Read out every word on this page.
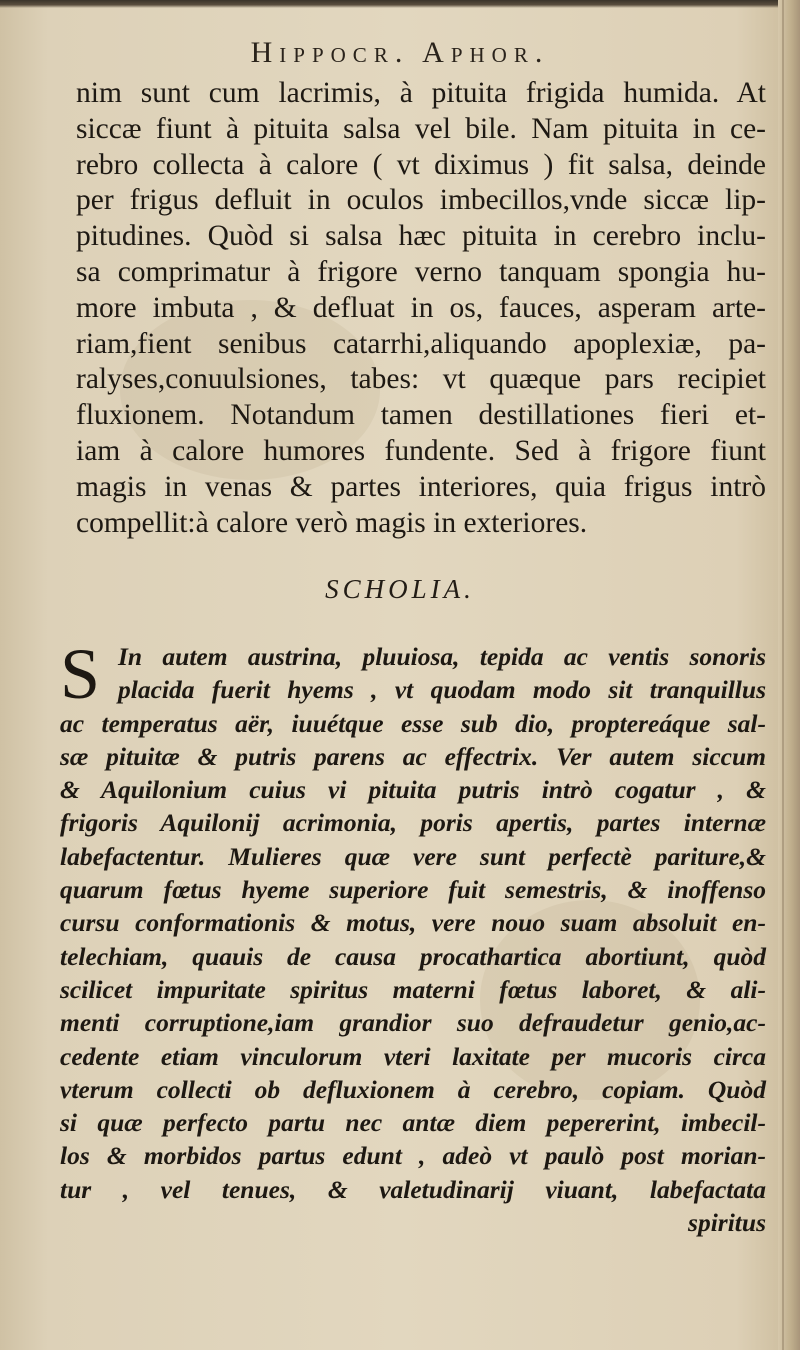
Hippocr. Aphor.
nim sunt cum lacrimis, à pituita frigida humida. At
siccæ fiunt à pituita salsa vel bile. Nam pituita in ce-
rebro collecta à calore ( vt diximus ) fit salsa, deinde
per frigus defluit in oculos imbecillos,vnde siccæ lip-
pitudines. Quòd si salsa hæc pituita in cerebro inclu-
sa comprimatur à frigore verno tanquam spongia hu-
more imbuta , & defluat in os, fauces, asperam arte-
riam,fient senibus catarrhi,aliquando apoplexiæ, pa-
ralyses,conuulsiones, tabes: vt quæque pars recipiet
fluxionem. Notandum tamen destillationes fieri et-
iam à calore humores fundente. Sed à frigore fiunt
magis in venas & partes interiores, quia frigus intrò
compellit:à calore verò magis in exteriores.
SCHOLIA.
S In autem austrina, pluuiosa, tepida ac ventis sonoris
placida fuerit hyems , vt quodam modo sit tranquillus
ac temperatus aër, iuuétque esse sub dio, proptereáque sal-
sæ pituitæ & putris parens ac effectrix. Ver autem siccum
& Aquilonium cuius vi pituita putris intrò cogatur , &
frigoris Aquilonij acrimonia, poris apertis, partes internæ
labefactentur. Mulieres quæ vere sunt perfectè pariture,&
quarum fœtus hyeme superiore fuit semestris, & inoffenso
cursu conformationis & motus, vere nouo suam absoluit en-
telechiam, quauis de causa procathartica abortiunt, quòd
scilicet impuritate spiritus materni fœtus laboret, & ali-
menti corruptione,iam grandior suo defraudetur genio,ac-
cedente etiam vinculorum vteri laxitate per mucoris circa
vterum collecti ob defluxionem à cerebro, copiam. Quòd
si quæ perfecto partu nec antæ diem pepererint, imbecil-
los & morbidos partus edunt , adeò vt paulò post morian-
tur , vel tenues, & valetudinarij viuant, labefactata
spiritus
